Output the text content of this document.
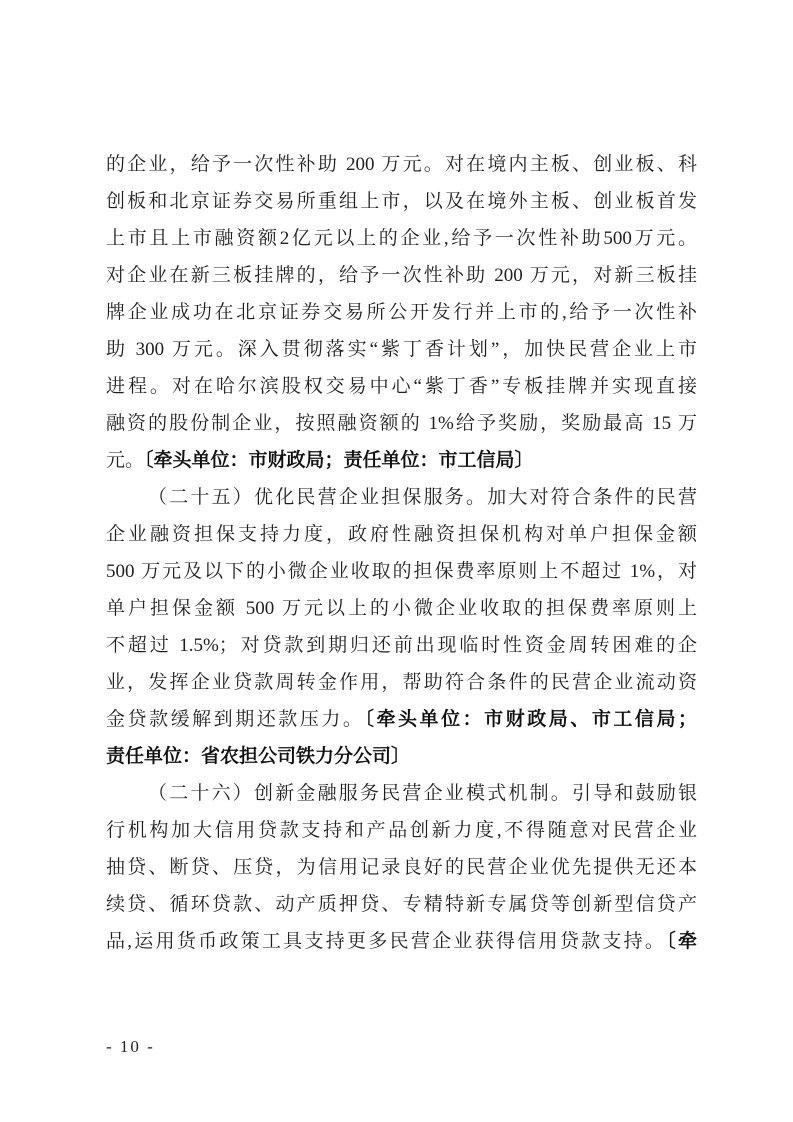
的企业，给予一次性补助 200 万元。对在境内主板、创业板、科
创板和北京证券交易所重组上市，以及在境外主板、创业板首发
上市且上市融资额2亿元以上的企业,给予一次性补助500万元。
对企业在新三板挂牌的，给予一次性补助 200 万元，对新三板挂
牌企业成功在北京证券交易所公开发行并上市的,给予一次性补
助 300 万元。深入贯彻落实“紫丁香计划”，加快民营企业上市
进程。对在哈尔滨股权交易中心“紫丁香”专板挂牌并实现直接
融资的股份制企业，按照融资额的 1%给予奖励，奖励最高 15 万
元。〔牵头单位：市财政局；责任单位：市工信局〕
（二十五）优化民营企业担保服务。加大对符合条件的民营
企业融资担保支持力度，政府性融资担保机构对单户担保金额
500 万元及以下的小微企业收取的担保费率原则上不超过 1%，对
单户担保金额 500 万元以上的小微企业收取的担保费率原则上
不超过 1.5%；对贷款到期归还前出现临时性资金周转困难的企
业，发挥企业贷款周转金作用，帮助符合条件的民营企业流动资
金贷款缓解到期还款压力。〔牵头单位：市财政局、市工信局；
责任单位：省农担公司铁力分公司〕
（二十六）创新金融服务民营企业模式机制。引导和鼓励银
行机构加大信用贷款支持和产品创新力度,不得随意对民营企业
抽贷、断贷、压贷，为信用记录良好的民营企业优先提供无还本
续贷、循环贷款、动产质押贷、专精特新专属贷等创新型信贷产
品,运用货币政策工具支持更多民营企业获得信用贷款支持。〔牵
- 10 -
